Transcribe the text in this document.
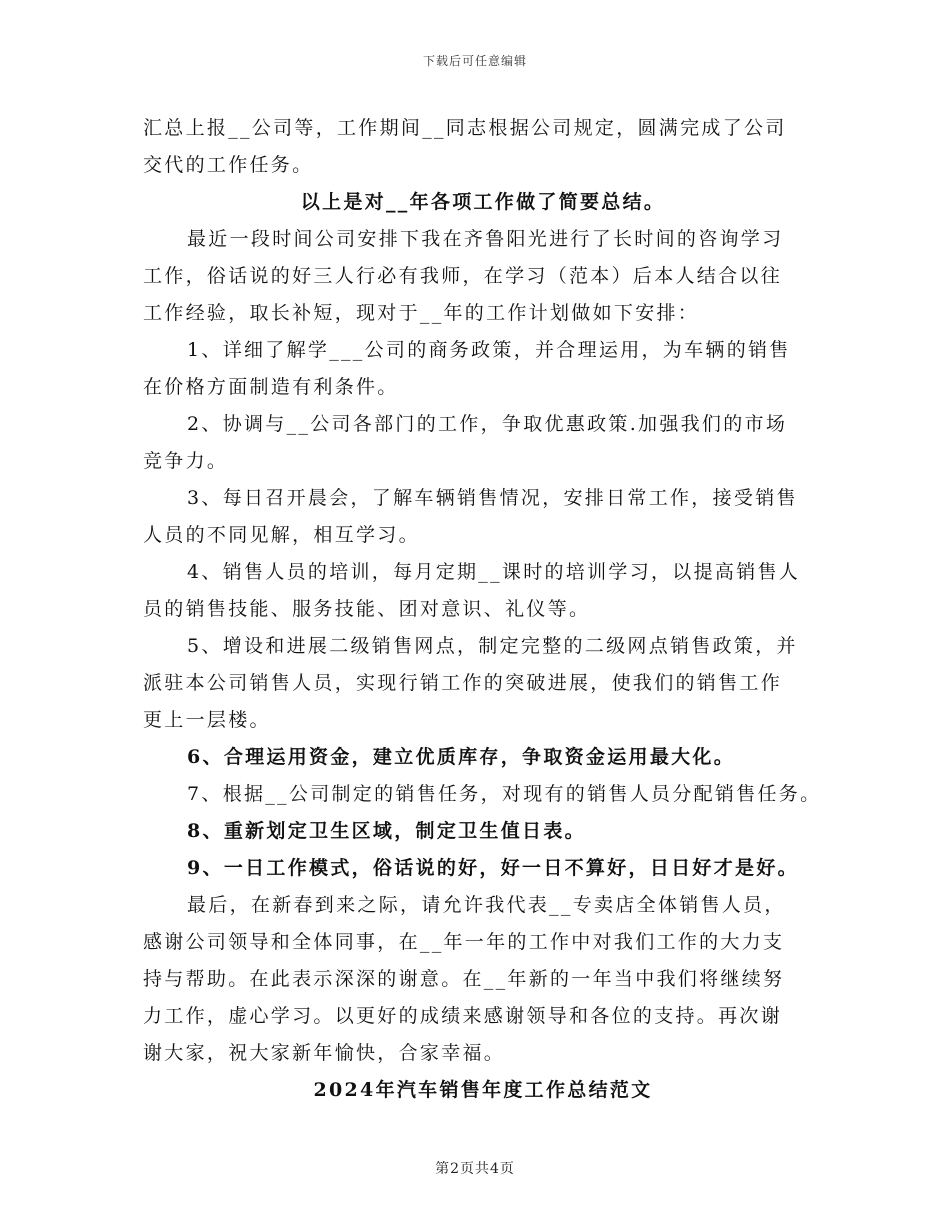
下载后可任意编辑
汇总上报__公司等，工作期间__同志根据公司规定，圆满完成了公司
交代的工作任务。
以上是对__年各项工作做了简要总结。
最近一段时间公司安排下我在齐鲁阳光进行了长时间的咨询学习
工作，俗话说的好三人行必有我师，在学习（范本）后本人结合以往
工作经验，取长补短，现对于__年的工作计划做如下安排：
1、详细了解学___公司的商务政策，并合理运用，为车辆的销售
在价格方面制造有利条件。
2、协调与__公司各部门的工作，争取优惠政策.加强我们的市场
竞争力。
3、每日召开晨会，了解车辆销售情况，安排日常工作，接受销售
人员的不同见解，相互学习。
4、销售人员的培训，每月定期__课时的培训学习，以提高销售人
员的销售技能、服务技能、团对意识、礼仪等。
5、增设和进展二级销售网点，制定完整的二级网点销售政策，并
派驻本公司销售人员，实现行销工作的突破进展，使我们的销售工作
更上一层楼。
6、合理运用资金，建立优质库存，争取资金运用最大化。
7、根据__公司制定的销售任务，对现有的销售人员分配销售任务。
8、重新划定卫生区域，制定卫生值日表。
9、一日工作模式，俗话说的好，好一日不算好，日日好才是好。
最后，在新春到来之际，请允许我代表__专卖店全体销售人员，
感谢公司领导和全体同事，在__年一年的工作中对我们工作的大力支
持与帮助。在此表示深深的谢意。在__年新的一年当中我们将继续努
力工作，虚心学习。以更好的成绩来感谢领导和各位的支持。再次谢
谢大家，祝大家新年愉快，合家幸福。
2024年汽车销售年度工作总结范文
第2页共4页
